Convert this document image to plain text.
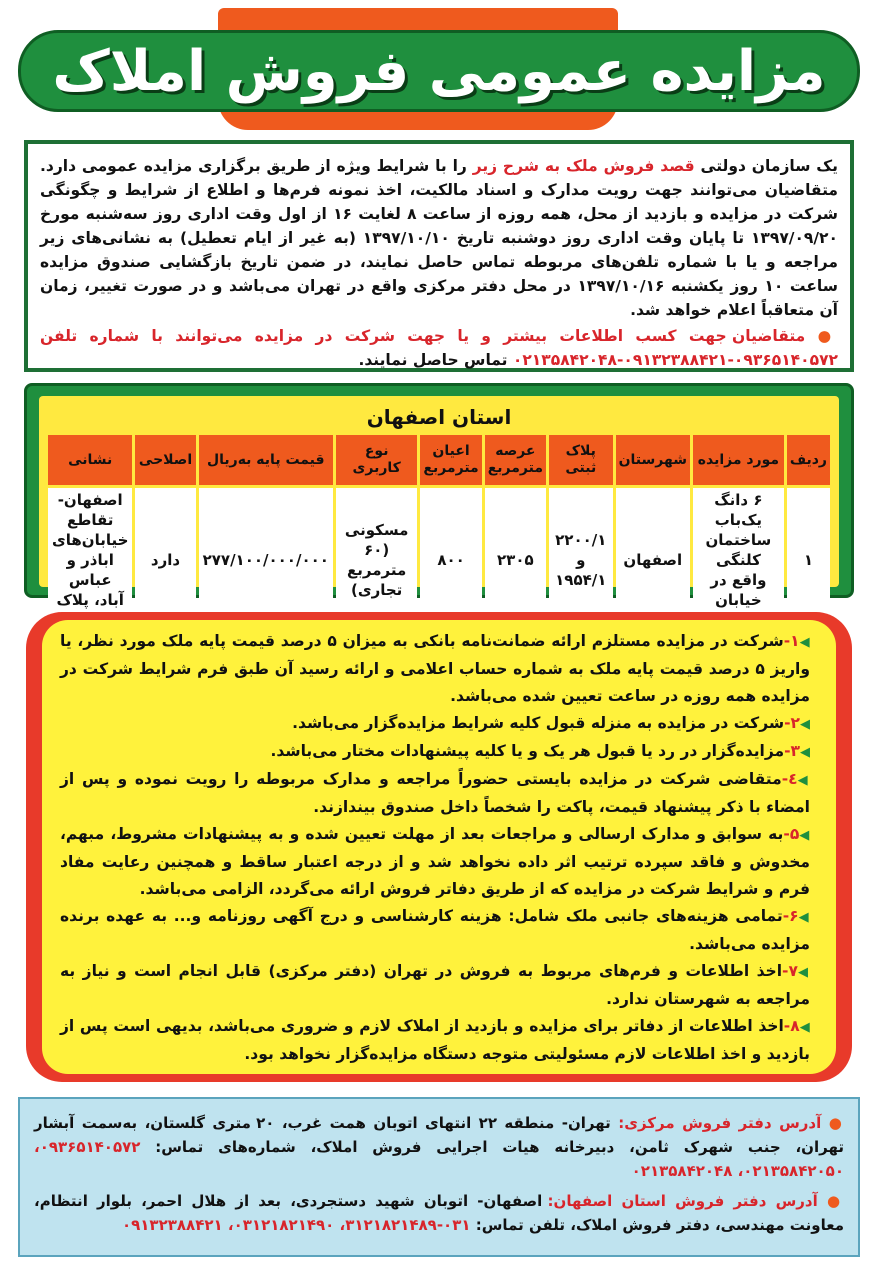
مزایده عمومی فروش املاک

یک سازمان دولتی قصد فروش ملک به شرح زیر را با شرایط ویژه از طریق برگزاری مزایده عمومی دارد. متقاضیان می‌توانند جهت رویت مدارک و اسناد مالکیت، اخذ نمونه فرم‌ها و اطلاع از شرایط و چگونگی شرکت در مزایده و بازدید از محل، همه روزه از ساعت ۸ لغایت ۱۶ از اول وقت اداری روز سه‌شنبه مورخ ۱۳۹۷/۰۹/۲۰ تا پایان وقت اداری روز دوشنبه تاریخ ۱۳۹۷/۱۰/۱۰ (به غیر از ایام تعطیل) به نشانی‌های زیر مراجعه و یا با شماره تلفن‌های مربوطه تماس حاصل نمایند، در ضمن تاریخ بازگشایی صندوق مزایده ساعت ۱۰ روز یکشنبه ۱۳۹۷/۱۰/۱۶ در محل دفتر مرکزی واقع در تهران می‌باشد و در صورت تغییر، زمان آن متعاقباً اعلام خواهد شد.

● متقاضیان جهت کسب اطلاعات بیشتر و یا جهت شرکت در مزایده می‌توانند با شماره تلفن ۰۹۳۶۵۱۴۰۵۷۲-۰۹۱۳۲۳۸۸۴۲۱-۰۲۱۳۵۸۴۲۰۴۸ تماس حاصل نمایند.

استان اصفهان
ردیف	مورد مزایده	شهرستان	پلاک ثبتی	عرصه مترمربع	اعیان مترمربع	نوع کاربری	قیمت پایه به‌ریال	اصلاحی	نشانی
۱	۶ دانگ یک‌باب ساختمان کلنگی واقع در خیابان	اصفهان	۲۲۰۰/۱ و ۱۹۵۴/۱	۲۳۰۵	۸۰۰	مسکونی (۶۰ مترمربع تجاری)	۲۷۷/۱۰۰/۰۰۰/۰۰۰	دارد	اصفهان- تقاطع خیابان‌های اباذر و عباس آباد، پلاک

◀۱-شرکت در مزایده مستلزم ارائه ضمانت‌نامه بانکی به میزان ۵ درصد قیمت پایه ملک مورد نظر، یا واریز ۵ درصد قیمت پایه ملک به شماره حساب اعلامی و ارائه رسید آن طبق فرم شرایط شرکت در مزایده همه روزه در ساعت تعیین شده می‌باشد.

◀۲-شرکت در مزایده به منزله قبول کلیه شرایط مزایده‌گزار می‌باشد.

◀۳-مزایده‌گزار در رد یا قبول هر یک و یا کلیه پیشنهادات مختار می‌باشد.

◀٤-متقاضی شرکت در مزایده بایستی حضوراً مراجعه و مدارک مربوطه را رویت نموده و پس از امضاء با ذکر پیشنهاد قیمت، پاکت را شخصاً داخل صندوق بیندازند.

◀۵-به سوابق و مدارک ارسالی و مراجعات بعد از مهلت تعیین شده و به پیشنهادات مشروط، مبهم، مخدوش و فاقد سپرده ترتیب اثر داده نخواهد شد و از درجه اعتبار ساقط و همچنین رعایت مفاد فرم و شرایط شرکت در مزایده که از طریق دفاتر فروش ارائه می‌گردد، الزامی می‌باشد.

◀۶-تمامی هزینه‌های جانبی ملک شامل: هزینه کارشناسی و درج آگهی روزنامه و... به عهده برنده مزایده می‌باشد.

◀۷-اخذ اطلاعات و فرم‌های مربوط به فروش در تهران (دفتر مرکزی) قابل انجام است و نیاز به مراجعه به شهرستان ندارد.

◀۸-اخذ اطلاعات از دفاتر برای مزایده و بازدید از املاک لازم و ضروری می‌باشد، بدیهی است پس از بازدید و اخذ اطلاعات لازم مسئولیتی متوجه دستگاه مزایده‌گزار نخواهد بود.

● آدرس دفتر فروش مرکزی: تهران- منطقه ۲۲ انتهای اتوبان همت غرب، ۲۰ متری گلستان، به‌سمت آبشار تهران، جنب شهرک ثامن، دبیرخانه هیات اجرایی فروش املاک، شماره‌های تماس: ۰۹۳۶۵۱۴۰۵۷۲، ۰۲۱۳۵۸۴۲۰۵۰، ۰۲۱۳۵۸۴۲۰۴۸

● آدرس دفتر فروش استان اصفهان: اصفهان- اتوبان شهید دستجردی، بعد از هلال احمر، بلوار انتظام، معاونت مهندسی، دفتر فروش املاک، تلفن تماس: ۰۳۱-۳۱۲۱۸۲۱۴۸۹، ۰۳۱۲۱۸۲۱۴۹۰، ۰۹۱۳۲۳۸۸۴۲۱
